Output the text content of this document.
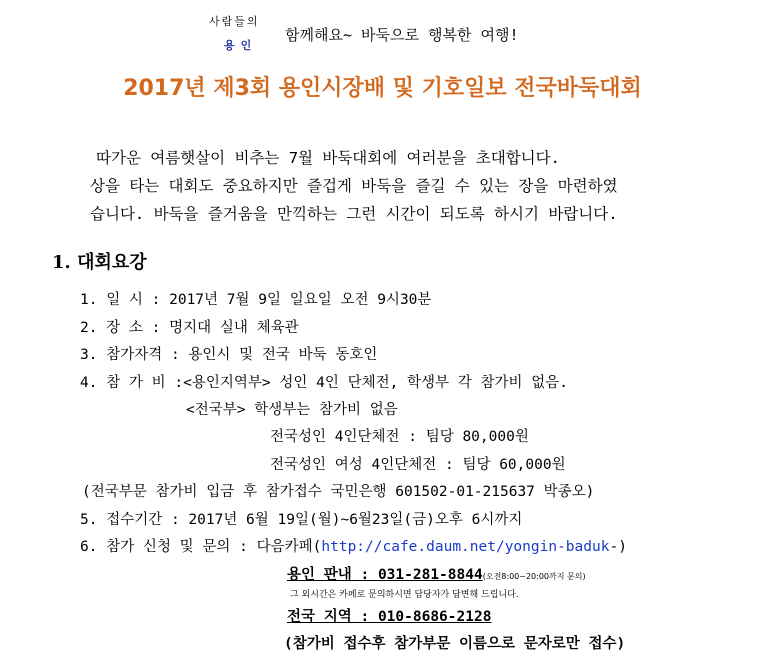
사람들의
용인
함께해요~ 바둑으로 행복한 여행!
2017년 제3회 용인시장배 및 기호일보 전국바둑대회
따가운 여름햇살이 비추는 7월 바둑대회에 여러분을 초대합니다.
상을 타는 대회도 중요하지만 즐겁게 바둑을 즐길 수 있는 장을 마련하였
습니다. 바둑을 즐거움을 만끽하는 그런 시간이 되도록 하시기 바랍니다.
1. 대회요강
1. 일 시 : 2017년 7월 9일 일요일 오전 9시30분
2. 장 소 : 명지대 실내 체육관
3. 참가자격 : 용인시 및 전국 바둑 동호인
4. 참 가 비 :<용인지역부> 성인 4인 단체전, 학생부 각 참가비 없음.
<전국부> 학생부는 참가비 없음
전국성인 4인단체전 : 팀당 80,000원
전국성인 여성 4인단체전 : 팀당 60,000원
(전국부문 참가비 입금 후 참가접수 국민은행 601502-01-215637 박종오)
5. 접수기간 : 2017년 6월 19일(월)~6월23일(금)오후 6시까지
6. 참가 신청 및 문의 : 다음카페(http://cafe.daum.net/yongin-baduk-)
용인 판내 : 031-281-8844(오전8:00~20:00까지 문의)
그 외시간은 카페로 문의하시면 담당자가 답변해 드립니다.
전국 지역 : 010-8686-2128
(참가비 접수후 참가부문 이름으로 문자로만 접수)
